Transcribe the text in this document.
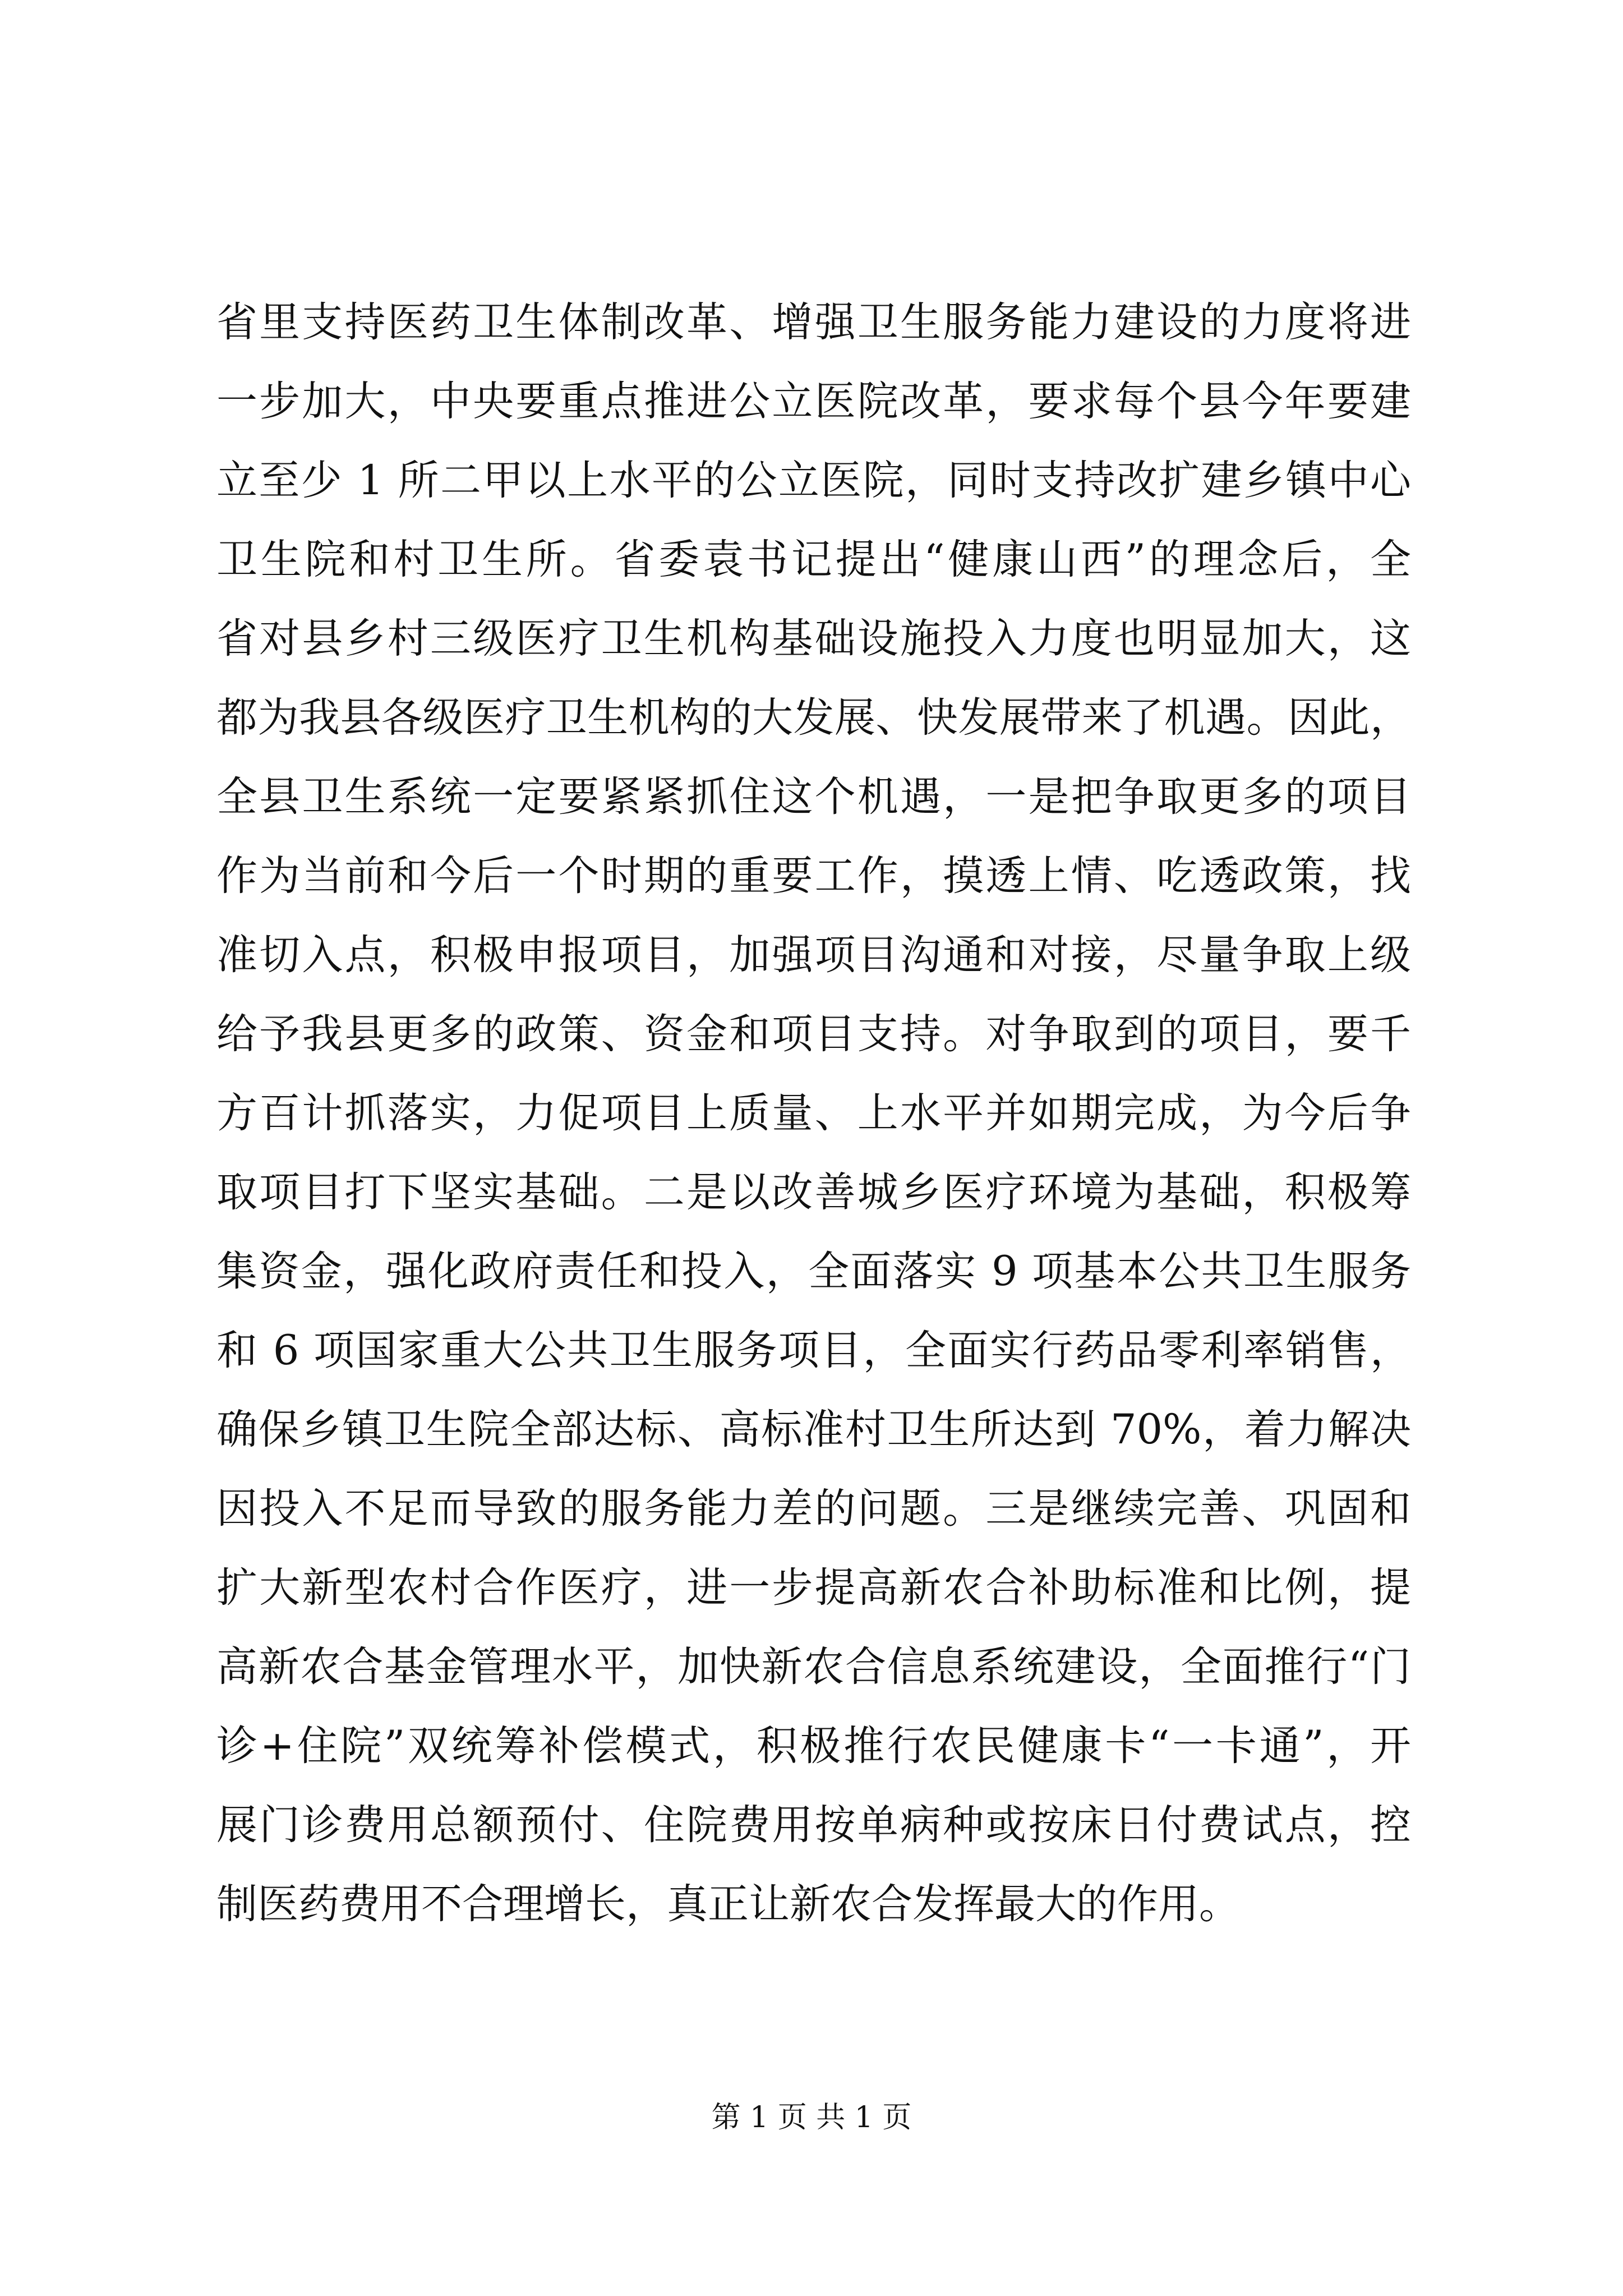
省里支持医药卫生体制改革、增强卫生服务能力建设的力度将进
一步加大，中央要重点推进公立医院改革，要求每个县今年要建
立至少 1 所二甲以上水平的公立医院，同时支持改扩建乡镇中心
卫生院和村卫生所。省委袁书记提出“健康山西”的理念后，全
省对县乡村三级医疗卫生机构基础设施投入力度也明显加大，这
都为我县各级医疗卫生机构的大发展、快发展带来了机遇。因此，
全县卫生系统一定要紧紧抓住这个机遇，一是把争取更多的项目
作为当前和今后一个时期的重要工作，摸透上情、吃透政策，找
准切入点，积极申报项目，加强项目沟通和对接，尽量争取上级
给予我县更多的政策、资金和项目支持。对争取到的项目，要千
方百计抓落实，力促项目上质量、上水平并如期完成，为今后争
取项目打下坚实基础。二是以改善城乡医疗环境为基础，积极筹
集资金，强化政府责任和投入，全面落实 9 项基本公共卫生服务
和 6 项国家重大公共卫生服务项目，全面实行药品零利率销售，
确保乡镇卫生院全部达标、高标准村卫生所达到 70%，着力解决
因投入不足而导致的服务能力差的问题。三是继续完善、巩固和
扩大新型农村合作医疗，进一步提高新农合补助标准和比例，提
高新农合基金管理水平，加快新农合信息系统建设，全面推行“门
诊+住院”双统筹补偿模式，积极推行农民健康卡“一卡通”，开
展门诊费用总额预付、住院费用按单病种或按床日付费试点，控
制医药费用不合理增长，真正让新农合发挥最大的作用。
第 1 页 共 1 页
